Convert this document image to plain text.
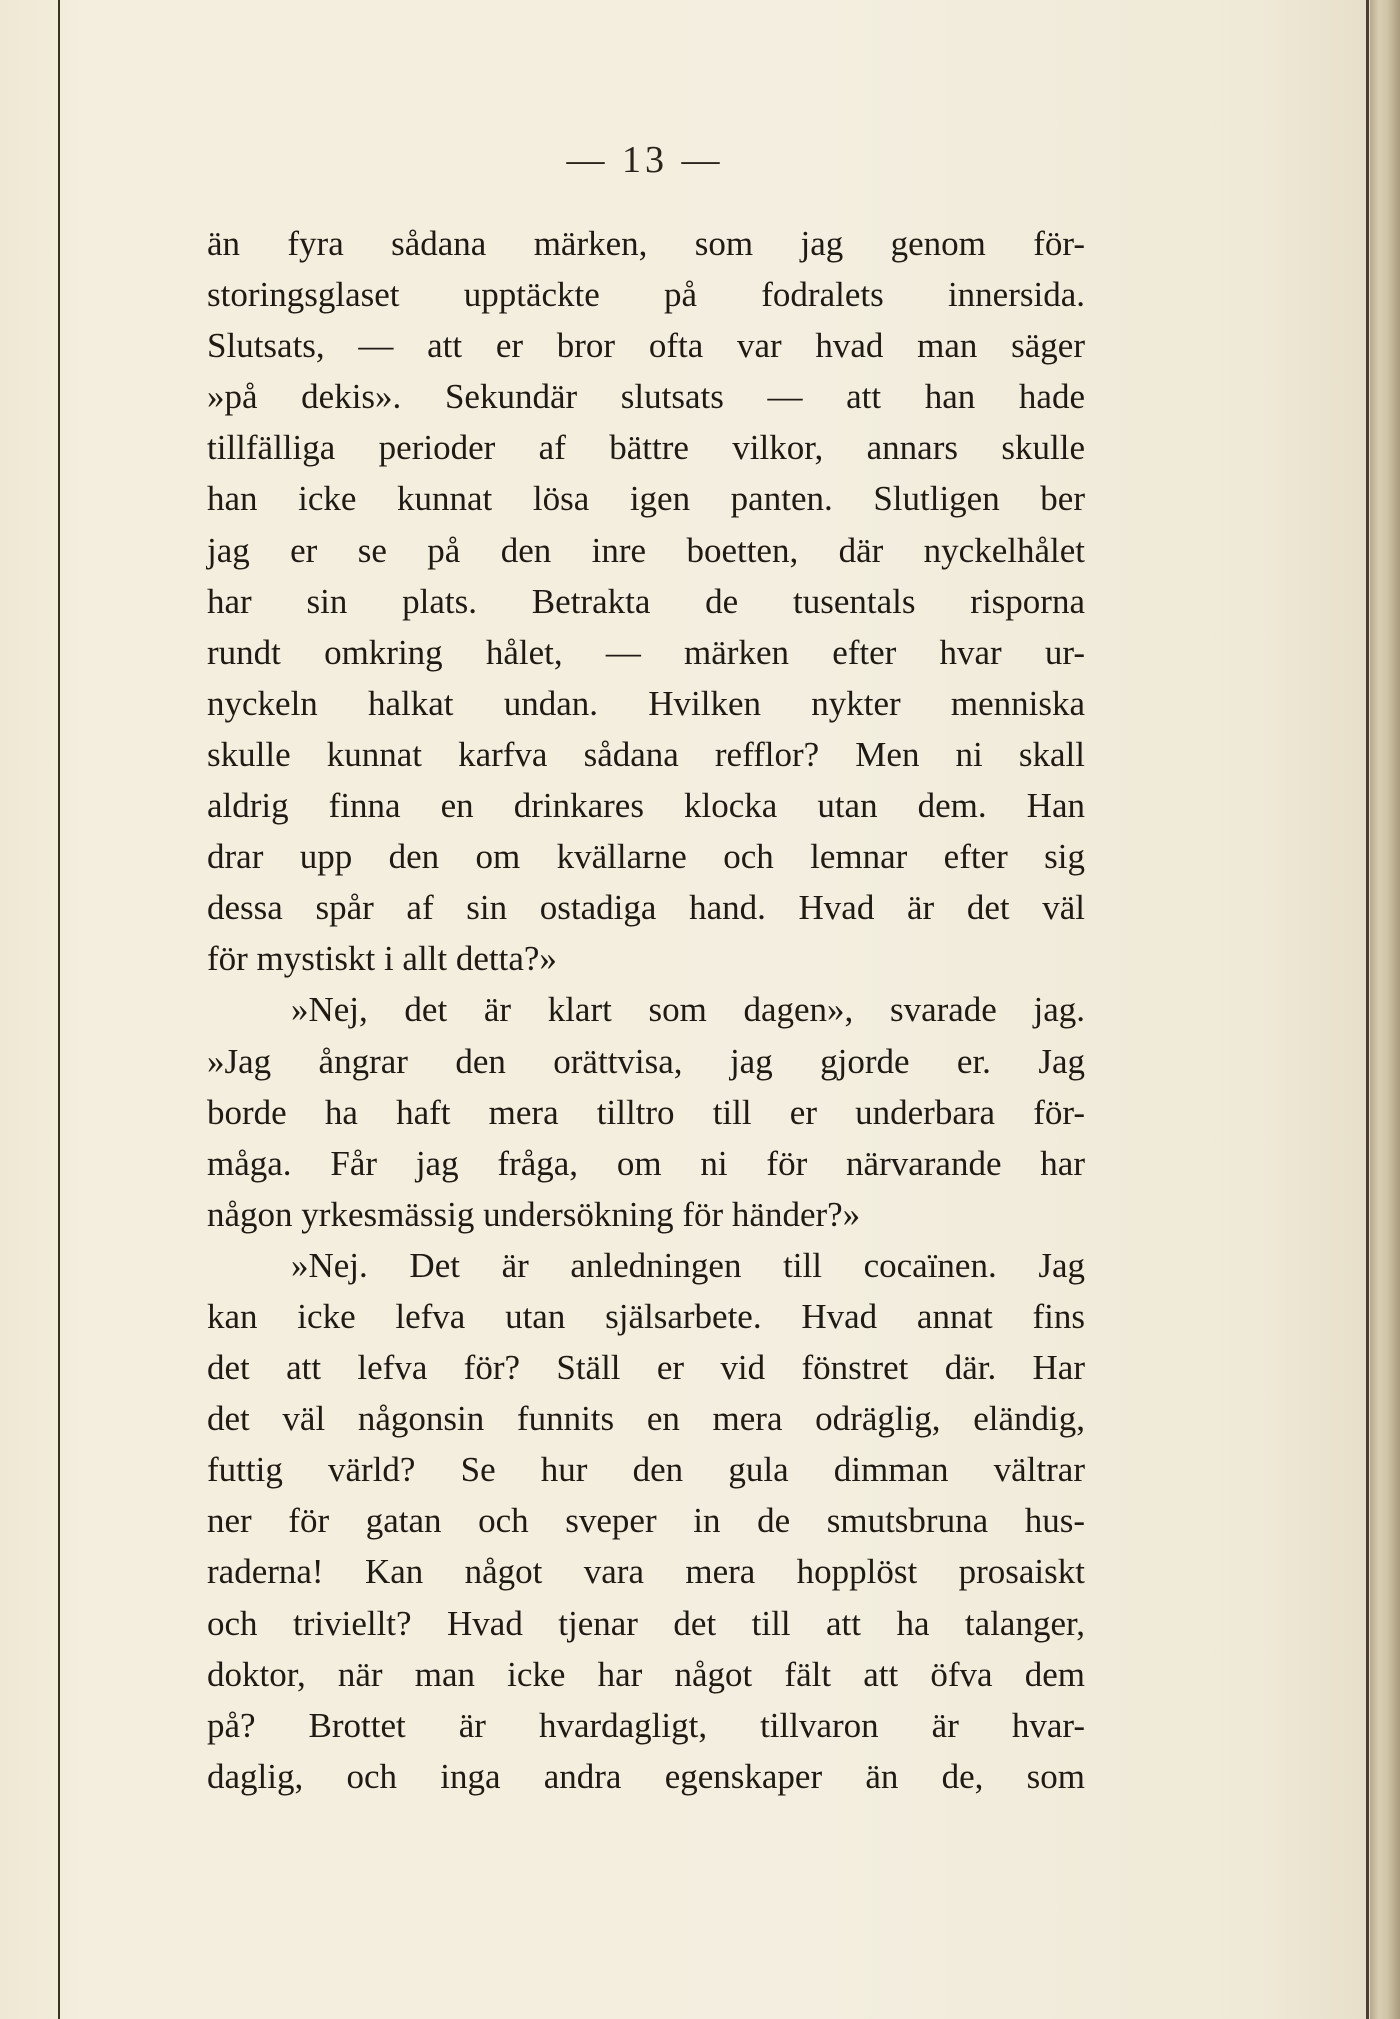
— 13 —
än fyra sådana märken, som jag genom för-
storingsglaset upptäckte på fodralets innersida.
Slutsats, — att er bror ofta var hvad man säger
»på dekis». Sekundär slutsats — att han hade
tillfälliga perioder af bättre vilkor, annars skulle
han icke kunnat lösa igen panten. Slutligen ber
jag er se på den inre boetten, där nyckelhålet
har sin plats. Betrakta de tusentals risporna
rundt omkring hålet, — märken efter hvar ur-
nyckeln halkat undan. Hvilken nykter menniska
skulle kunnat karfva sådana refflor? Men ni skall
aldrig finna en drinkares klocka utan dem. Han
drar upp den om kvällarne och lemnar efter sig
dessa spår af sin ostadiga hand. Hvad är det väl
för mystiskt i allt detta?»
»Nej, det är klart som dagen», svarade jag.
»Jag ångrar den orättvisa, jag gjorde er. Jag
borde ha haft mera tilltro till er underbara för-
måga. Får jag fråga, om ni för närvarande har
någon yrkesmässig undersökning för händer?»
»Nej. Det är anledningen till cocaïnen. Jag
kan icke lefva utan själsarbete. Hvad annat fins
det att lefva för? Ställ er vid fönstret där. Har
det väl någonsin funnits en mera odräglig, eländig,
futtig värld? Se hur den gula dimman vältrar
ner för gatan och sveper in de smutsbruna hus-
raderna! Kan något vara mera hopplöst prosaiskt
och triviellt? Hvad tjenar det till att ha talanger,
doktor, när man icke har något fält att öfva dem
på? Brottet är hvardagligt, tillvaron är hvar-
daglig, och inga andra egenskaper än de, som
